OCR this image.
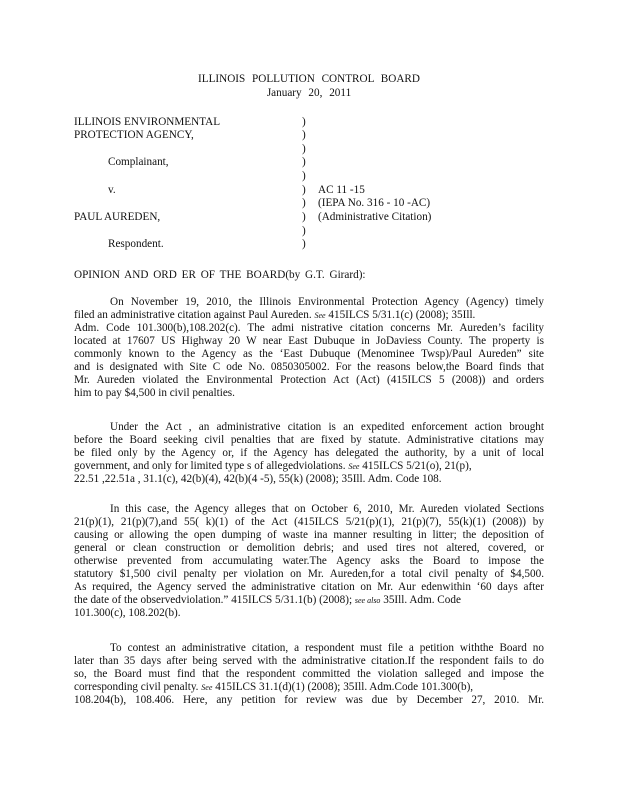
ILLINOIS POLLUTION CONTROL BOARD
January 20, 2011
ILLINOIS ENVIRONMENTAL
PROTECTION AGENCY,
Complainant,
v.
PAUL AUREDEN,
Respondent.
)
)
)
)
)
)
)
)
)
)
AC 11 -15
(IEPA No. 316 - 10 -AC)
(Administrative Citation)
OPINION AND ORD ER OF THE BOARD(by G.T. Girard):
On November 19, 2010, the Illinois Environmental Protection Agency (Agency) timely
filed an administrative citation against Paul Aureden. See 415ILCS 5/31.1(c) (2008); 35Ill.
Adm. Code 101.300(b),108.202(c). The admi nistrative citation concerns Mr. Aureden’s facility
located at 17607 US Highway 20 W near East Dubuque in JoDaviess County. The property is
commonly known to the Agency as the ‘East Dubuque (Menominee Twsp)/Paul Aureden” site
and is designated with Site C ode No. 0850305002. For the reasons below,the Board finds that
Mr. Aureden violated the Environmental Protection Act (Act) (415ILCS 5 (2008)) and orders
him to pay $4,500 in civil penalties.
Under the Act , an administrative citation is an expedited enforcement action brought
before the Board seeking civil penalties that are fixed by statute. Administrative citations may
be filed only by the Agency or, if the Agency has delegated the authority, by a unit of local
government, and only for limited type s of allegedviolations. See 415ILCS 5/21(o), 21(p),
22.51 ,22.51a , 31.1(c), 42(b)(4), 42(b)(4 -5), 55(k) (2008); 35Ill. Adm. Code 108.
In this case, the Agency alleges that on October 6, 2010, Mr. Aureden violated Sections
21(p)(1), 21(p)(7),and 55( k)(1) of the Act (415ILCS 5/21(p)(1), 21(p)(7), 55(k)(1) (2008)) by
causing or allowing the open dumping of waste ina manner resulting in litter; the deposition of
general or clean construction or demolition debris; and used tires not altered, covered, or
otherwise prevented from accumulating water.The Agency asks the Board to impose the
statutory $1,500 civil penalty per violation on Mr. Aureden,for a total civil penalty of $4,500.
As required, the Agency served the administrative citation on Mr. Aur edenwithin ‘60 days after
the date of the observedviolation.” 415ILCS 5/31.1(b) (2008); see also 35Ill. Adm. Code
101.300(c), 108.202(b).
To contest an administrative citation, a respondent must file a petition withthe Board no
later than 35 days after being served with the administrative citation.If the respondent fails to do
so, the Board must find that the respondent committed the violation salleged and impose the
corresponding civil penalty. See 415ILCS 31.1(d)(1) (2008); 35Ill. Adm.Code 101.300(b),
108.204(b), 108.406. Here, any petition for review was due by December 27, 2010. Mr.
